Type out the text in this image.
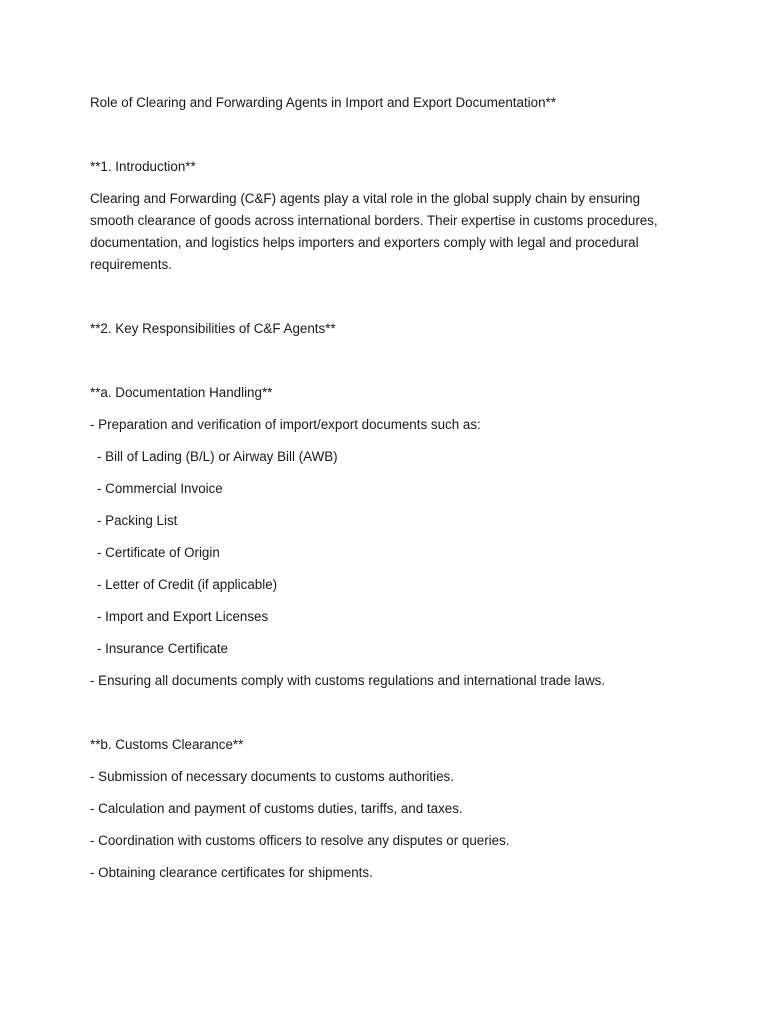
Role of Clearing and Forwarding Agents in Import and Export Documentation**
**1. Introduction**
Clearing and Forwarding (C&F) agents play a vital role in the global supply chain by ensuring smooth clearance of goods across international borders. Their expertise in customs procedures, documentation, and logistics helps importers and exporters comply with legal and procedural requirements.
**2. Key Responsibilities of C&F Agents**
**a. Documentation Handling**
- Preparation and verification of import/export documents such as:
- Bill of Lading (B/L) or Airway Bill (AWB)
- Commercial Invoice
- Packing List
- Certificate of Origin
- Letter of Credit (if applicable)
- Import and Export Licenses
- Insurance Certificate
- Ensuring all documents comply with customs regulations and international trade laws.
**b. Customs Clearance**
- Submission of necessary documents to customs authorities.
- Calculation and payment of customs duties, tariffs, and taxes.
- Coordination with customs officers to resolve any disputes or queries.
- Obtaining clearance certificates for shipments.
